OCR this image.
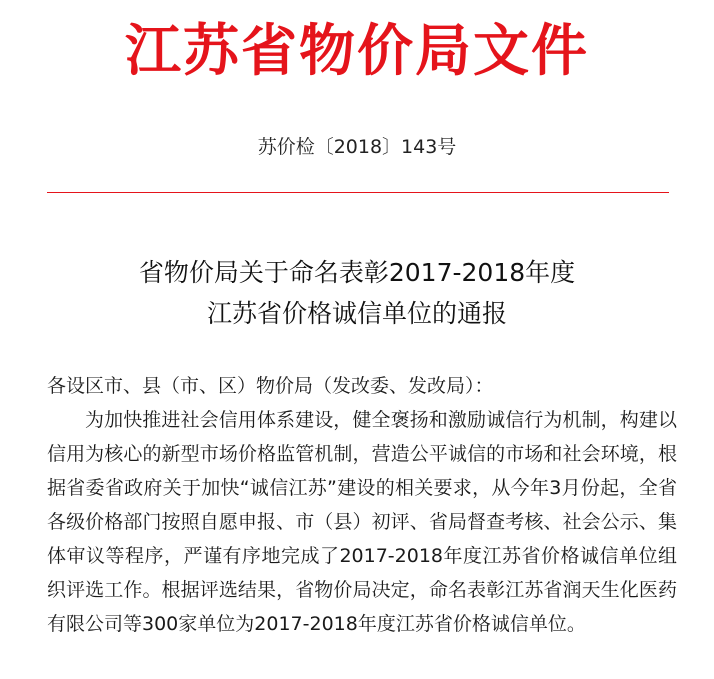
江苏省物价局文件
苏价检〔2018〕143号
省物价局关于命名表彰2017-2018年度
江苏省价格诚信单位的通报
各设区市、县（市、区）物价局（发改委、发改局）：
为加快推进社会信用体系建设，健全褒扬和激励诚信行为机制，构建以信用为核心的新型市场价格监管机制，营造公平诚信的市场和社会环境，根据省委省政府关于加快“诚信江苏”建设的相关要求，从今年3月份起，全省各级价格部门按照自愿申报、市（县）初评、省局督查考核、社会公示、集体审议等程序，严谨有序地完成了2017-2018年度江苏省价格诚信单位组织评选工作。根据评选结果，省物价局决定，命名表彰江苏省润天生化医药有限公司等300家单位为2017-2018年度江苏省价格诚信单位。
